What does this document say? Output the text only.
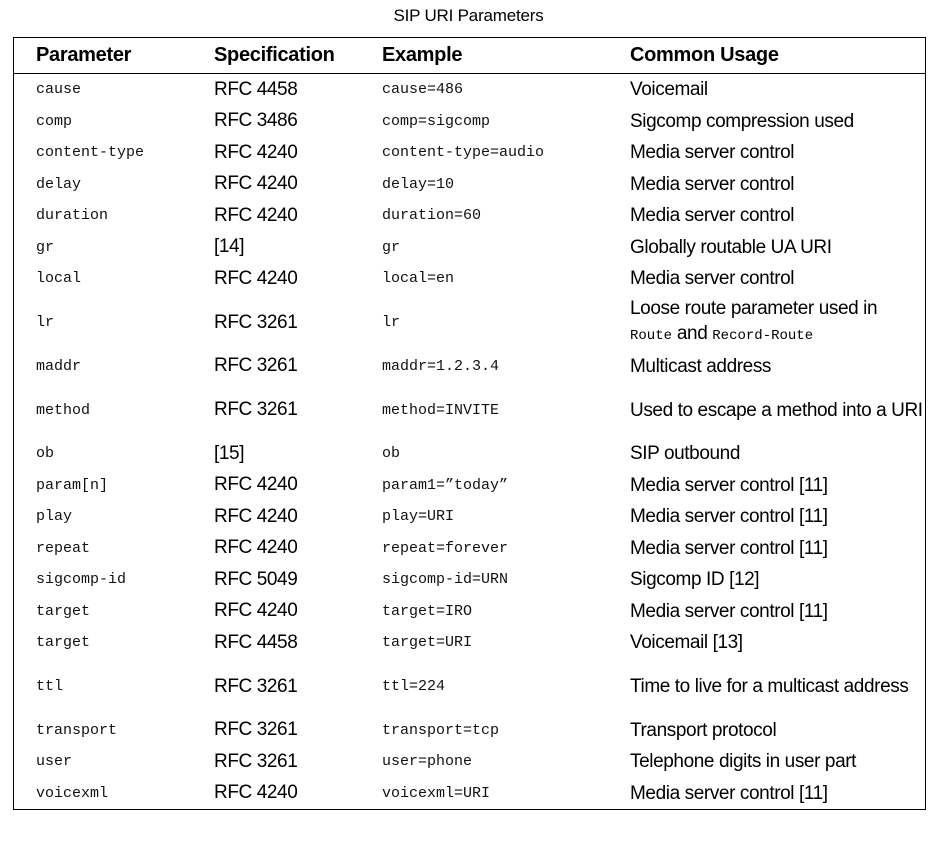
SIP URI Parameters
Parameter	Specification	Example	Common Usage
cause	RFC 4458	cause=486	Voicemail
comp	RFC 3486	comp=sigcomp	Sigcomp compression used
content-type	RFC 4240	content-type=audio	Media server control
delay	RFC 4240	delay=10	Media server control
duration	RFC 4240	duration=60	Media server control
gr	[14]	gr	Globally routable UA URI
local	RFC 4240	local=en	Media server control
lr	RFC 3261	lr
Loose route parameter used in
Route and Record-Route
maddr	RFC 3261	maddr=1.2.3.4	Multicast address
method	RFC 3261	method=INVITE	Used to escape a method into a URI
ob	[15]	ob	SIP outbound
param[n]	RFC 4240	param1=”today”	Media server control [11]
play	RFC 4240	play=URI	Media server control [11]
repeat	RFC 4240	repeat=forever	Media server control [11]
sigcomp-id	RFC 5049	sigcomp-id=URN	Sigcomp ID [12]
target	RFC 4240	target=IRO	Media server control [11]
target	RFC 4458	target=URI	Voicemail [13]
ttl	RFC 3261	ttl=224	Time to live for a multicast address
transport	RFC 3261	transport=tcp	Transport protocol
user	RFC 3261	user=phone	Telephone digits in user part
voicexml	RFC 4240	voicexml=URI	Media server control [11]
